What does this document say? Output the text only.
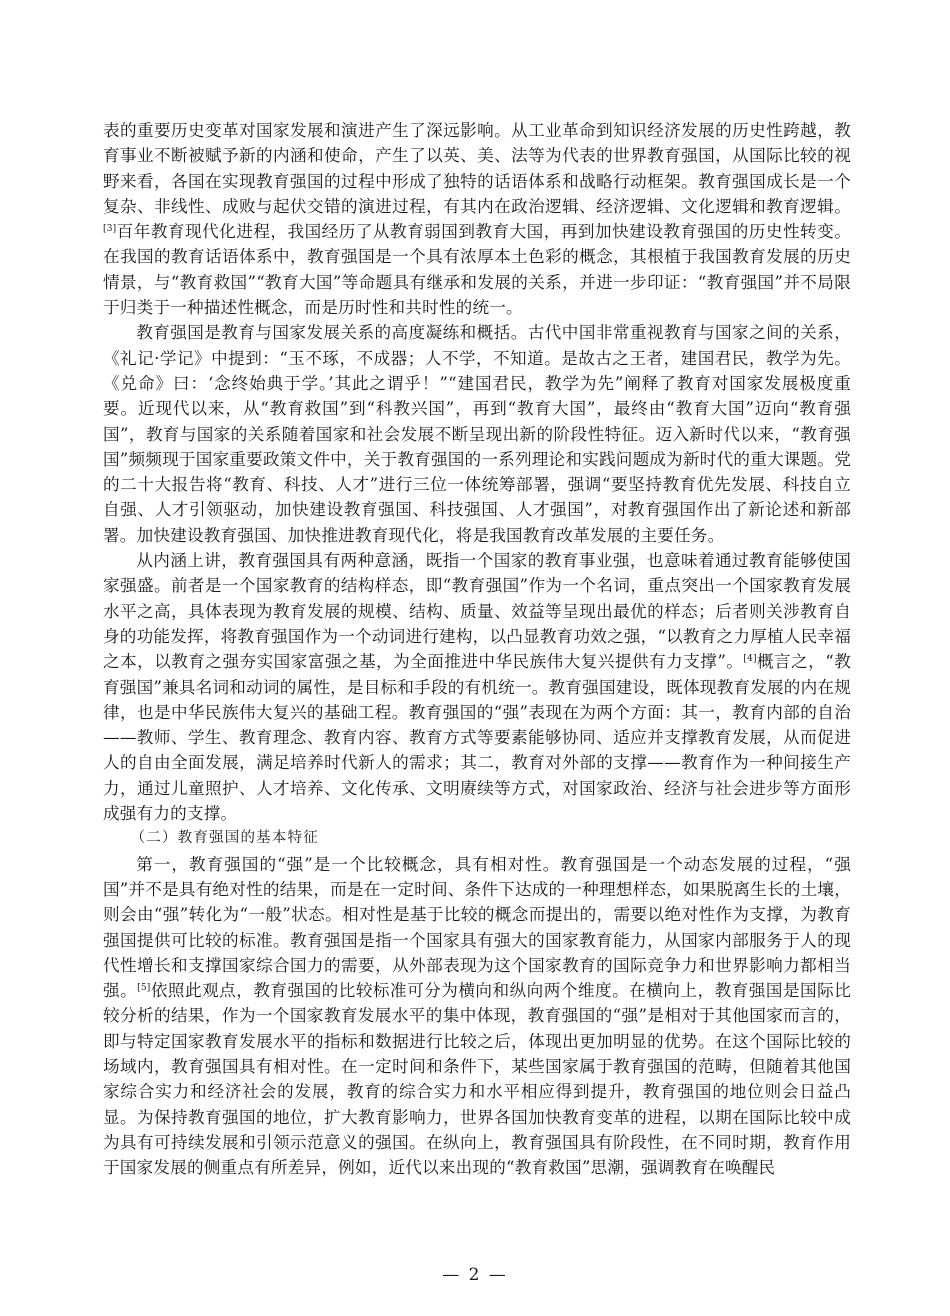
表的重要历史变革对国家发展和演进产生了深远影响。从工业革命到知识经济发展的历史性跨越，教育事业不断被赋予新的内涵和使命，产生了以英、美、法等为代表的世界教育强国，从国际比较的视野来看，各国在实现教育强国的过程中形成了独特的话语体系和战略行动框架。教育强国成长是一个复杂、非线性、成败与起伏交错的演进过程，有其内在政治逻辑、经济逻辑、文化逻辑和教育逻辑。[3]百年教育现代化进程，我国经历了从教育弱国到教育大国，再到加快建设教育强国的历史性转变。在我国的教育话语体系中，教育强国是一个具有浓厚本土色彩的概念，其根植于我国教育发展的历史情景，与“教育救国”“教育大国”等命题具有继承和发展的关系，并进一步印证：“教育强国”并不局限于归类于一种描述性概念，而是历时性和共时性的统一。

教育强国是教育与国家发展关系的高度凝练和概括。古代中国非常重视教育与国家之间的关系，《礼记·学记》中提到：“玉不琢，不成器；人不学，不知道。是故古之王者，建国君民，教学为先。《兑命》曰：‘念终始典于学。’其此之谓乎！”“建国君民，教学为先”阐释了教育对国家发展极度重要。近现代以来，从“教育救国”到“科教兴国”，再到“教育大国”，最终由“教育大国”迈向“教育强国”，教育与国家的关系随着国家和社会发展不断呈现出新的阶段性特征。迈入新时代以来，“教育强国”频频现于国家重要政策文件中，关于教育强国的一系列理论和实践问题成为新时代的重大课题。党的二十大报告将“教育、科技、人才”进行三位一体统筹部署，强调“要坚持教育优先发展、科技自立自强、人才引领驱动，加快建设教育强国、科技强国、人才强国”，对教育强国作出了新论述和新部署。加快建设教育强国、加快推进教育现代化，将是我国教育改革发展的主要任务。

从内涵上讲，教育强国具有两种意涵，既指一个国家的教育事业强，也意味着通过教育能够使国家强盛。前者是一个国家教育的结构样态，即“教育强国”作为一个名词，重点突出一个国家教育发展水平之高，具体表现为教育发展的规模、结构、质量、效益等呈现出最优的样态；后者则关涉教育自身的功能发挥，将教育强国作为一个动词进行建构，以凸显教育功效之强，“以教育之力厚植人民幸福之本，以教育之强夯实国家富强之基，为全面推进中华民族伟大复兴提供有力支撑”。[4]概言之，“教育强国”兼具名词和动词的属性，是目标和手段的有机统一。教育强国建设，既体现教育发展的内在规律，也是中华民族伟大复兴的基础工程。教育强国的“强”表现在为两个方面：其一，教育内部的自治——教师、学生、教育理念、教育内容、教育方式等要素能够协同、适应并支撑教育发展，从而促进人的自由全面发展，满足培养时代新人的需求；其二，教育对外部的支撑——教育作为一种间接生产力，通过儿童照护、人才培养、文化传承、文明赓续等方式，对国家政治、经济与社会进步等方面形成强有力的支撑。

（二）教育强国的基本特征

第一，教育强国的“强”是一个比较概念，具有相对性。教育强国是一个动态发展的过程，“强国”并不是具有绝对性的结果，而是在一定时间、条件下达成的一种理想样态，如果脱离生长的土壤，则会由“强”转化为“一般”状态。相对性是基于比较的概念而提出的，需要以绝对性作为支撑，为教育强国提供可比较的标准。教育强国是指一个国家具有强大的国家教育能力，从国家内部服务于人的现代性增长和支撑国家综合国力的需要，从外部表现为这个国家教育的国际竞争力和世界影响力都相当强。[5]依照此观点，教育强国的比较标准可分为横向和纵向两个维度。在横向上，教育强国是国际比较分析的结果，作为一个国家教育发展水平的集中体现，教育强国的“强”是相对于其他国家而言的，即与特定国家教育发展水平的指标和数据进行比较之后，体现出更加明显的优势。在这个国际比较的场域内，教育强国具有相对性。在一定时间和条件下，某些国家属于教育强国的范畴，但随着其他国家综合实力和经济社会的发展，教育的综合实力和水平相应得到提升，教育强国的地位则会日益凸显。为保持教育强国的地位，扩大教育影响力，世界各国加快教育变革的进程，以期在国际比较中成为具有可持续发展和引领示范意义的强国。在纵向上，教育强国具有阶段性，在不同时期，教育作用于国家发展的侧重点有所差异，例如，近代以来出现的“教育救国”思潮，强调教育在唤醒民

— 2 —
